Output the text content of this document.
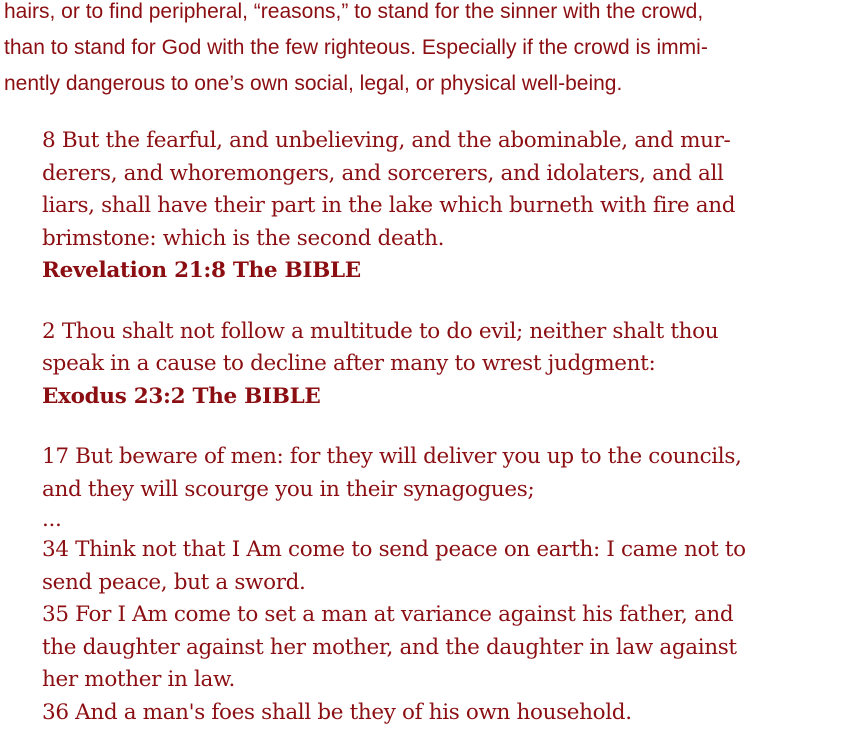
hairs, or to find peripheral, “reasons,” to stand for the sinner with the crowd,
than to stand for God with the few righteous. Especially if the crowd is immi-
nently dangerous to one’s own social, legal, or physical well-being.
8 But the fearful, and unbelieving, and the abominable, and mur-
derers, and whoremongers, and sorcerers, and idolaters, and all
liars, shall have their part in the lake which burneth with fire and
brimstone: which is the second death.
Revelation 21:8 The BIBLE
2 Thou shalt not follow a multitude to do evil; neither shalt thou
speak in a cause to decline after many to wrest judgment:
Exodus 23:2 The BIBLE
17 But beware of men: for they will deliver you up to the councils,
and they will scourge you in their synagogues;
...
34 Think not that I Am come to send peace on earth: I came not to
send peace, but a sword.
35 For I Am come to set a man at variance against his father, and
the daughter against her mother, and the daughter in law against
her mother in law.
36 And a man's foes shall be they of his own household.
